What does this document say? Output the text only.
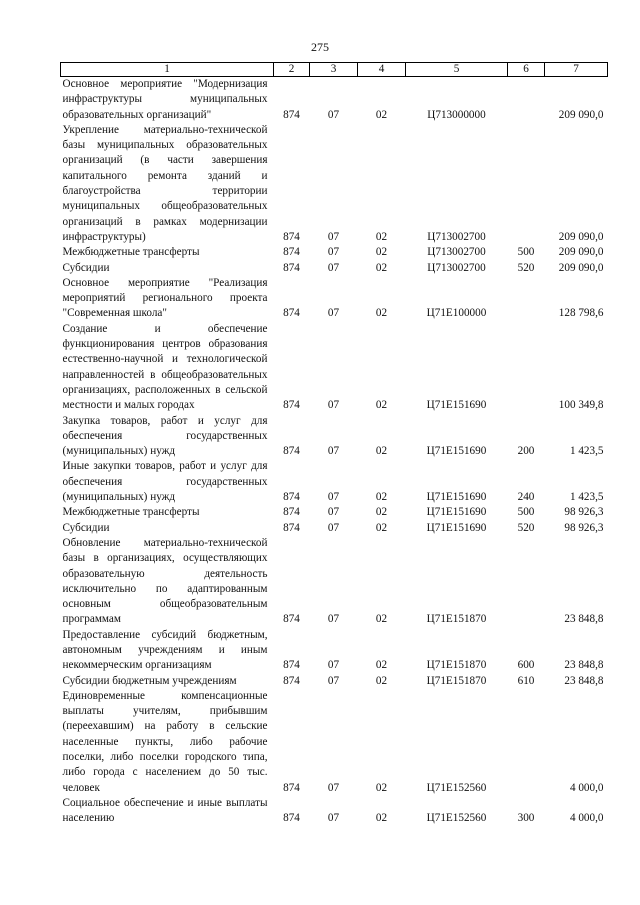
275
1	2	3	4	5	6	7
Основное мероприятие "Модернизация инфраструктуры муниципальных образовательных организаций"	874	07	02	Ц713000000		209 090,0
Укрепление материально-технической базы муниципальных образовательных организаций (в части завершения капитального ремонта зданий и благоустройства территории муниципальных общеобразовательных организаций в рамках модернизации инфраструктуры)	874	07	02	Ц713002700		209 090,0
Межбюджетные трансферты	874	07	02	Ц713002700	500	209 090,0
Субсидии	874	07	02	Ц713002700	520	209 090,0
Основное мероприятие "Реализация мероприятий регионального проекта "Современная школа"	874	07	02	Ц71Е100000		128 798,6
Создание и обеспечение функционирования центров образования естественно-научной и технологической направленностей в общеобразовательных организациях, расположенных в сельской местности и малых городах	874	07	02	Ц71Е151690		100 349,8
Закупка товаров, работ и услуг для обеспечения государственных (муниципальных) нужд	874	07	02	Ц71Е151690	200	1 423,5
Иные закупки товаров, работ и услуг для обеспечения государственных (муниципальных) нужд	874	07	02	Ц71Е151690	240	1 423,5
Межбюджетные трансферты	874	07	02	Ц71Е151690	500	98 926,3
Субсидии	874	07	02	Ц71Е151690	520	98 926,3
Обновление материально-технической базы в организациях, осуществляющих образовательную деятельность исключительно по адаптированным основным общеобразовательным программам	874	07	02	Ц71Е151870		23 848,8
Предоставление субсидий бюджетным, автономным учреждениям и иным некоммерческим организациям	874	07	02	Ц71Е151870	600	23 848,8
Субсидии бюджетным учреждениям	874	07	02	Ц71Е151870	610	23 848,8
Единовременные компенсационные выплаты учителям, прибывшим (переехавшим) на работу в сельские населенные пункты, либо рабочие поселки, либо поселки городского типа, либо города с населением до 50 тыс. человек	874	07	02	Ц71Е152560		4 000,0
Социальное обеспечение и иные выплаты населению	874	07	02	Ц71Е152560	300	4 000,0
